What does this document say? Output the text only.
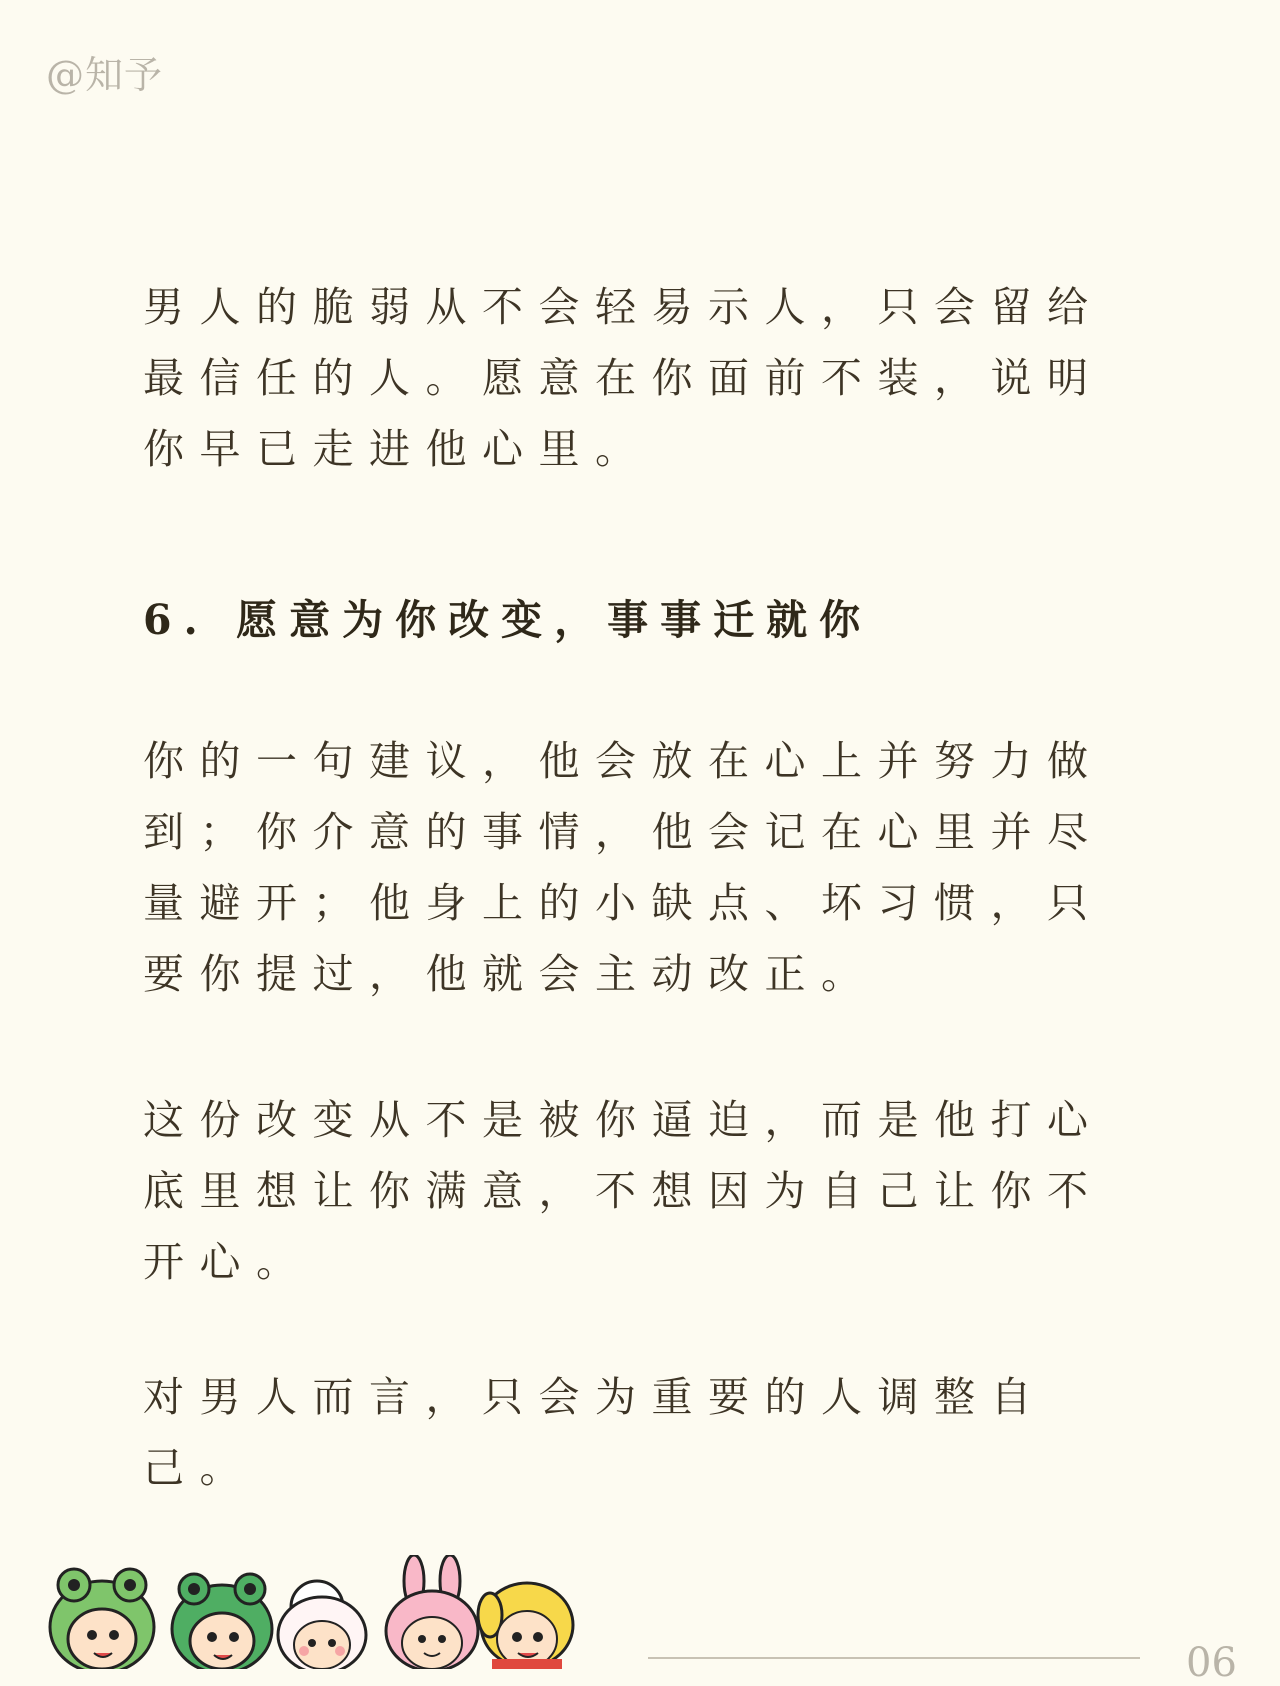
@知予

男人的脆弱从不会轻易示人，只会留给最信任的人。愿意在你面前不装，说明你早已走进他心里。

6. 愿意为你改变，事事迁就你

你的一句建议，他会放在心上并努力做到；你介意的事情，他会记在心里并尽量避开；他身上的小缺点、坏习惯，只要你提过，他就会主动改正。

这份改变从不是被你逼迫，而是他打心底里想让你满意，不想因为自己让你不开心。

对男人而言，只会为重要的人调整自己。

06
